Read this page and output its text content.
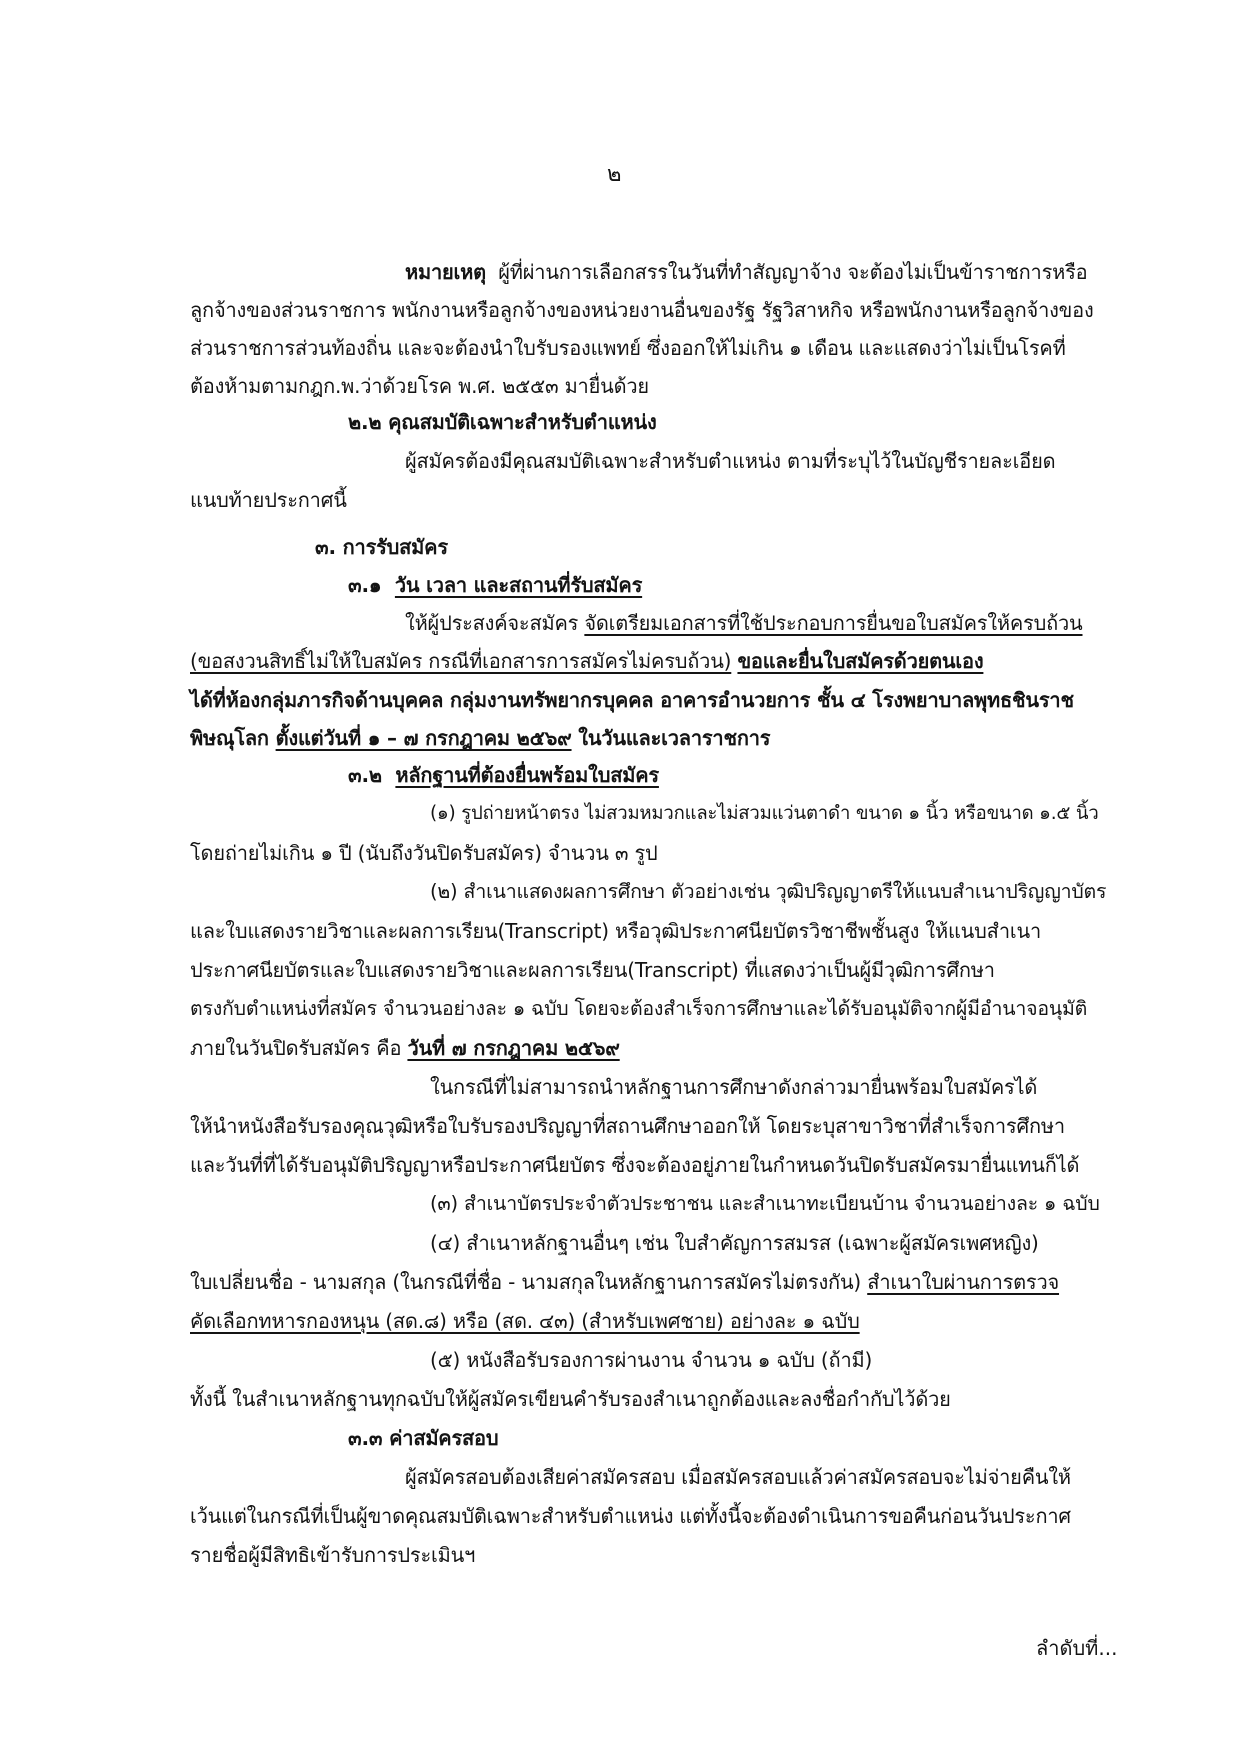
๒
หมายเหตุ ผู้ที่ผ่านการเลือกสรรในวันที่ทำสัญญาจ้าง จะต้องไม่เป็นข้าราชการหรือ
ลูกจ้างของส่วนราชการ พนักงานหรือลูกจ้างของหน่วยงานอื่นของรัฐ รัฐวิสาหกิจ หรือพนักงานหรือลูกจ้างของ
ส่วนราชการส่วนท้องถิ่น และจะต้องนำใบรับรองแพทย์ ซึ่งออกให้ไม่เกิน ๑ เดือน และแสดงว่าไม่เป็นโรคที่
ต้องห้ามตามกฎก.พ.ว่าด้วยโรค พ.ศ. ๒๕๕๓ มายื่นด้วย
๒.๒ คุณสมบัติเฉพาะสำหรับตำแหน่ง
ผู้สมัครต้องมีคุณสมบัติเฉพาะสำหรับตำแหน่ง ตามที่ระบุไว้ในบัญชีรายละเอียด
แนบท้ายประกาศนี้
๓. การรับสมัคร
๓.๑ วัน เวลา และสถานที่รับสมัคร
ให้ผู้ประสงค์จะสมัคร จัดเตรียมเอกสารที่ใช้ประกอบการยื่นขอใบสมัครให้ครบถ้วน
(ขอสงวนสิทธิ์ไม่ให้ใบสมัคร กรณีที่เอกสารการสมัครไม่ครบถ้วน) ขอและยื่นใบสมัครด้วยตนเอง
ได้ที่ห้องกลุ่มภารกิจด้านบุคคล กลุ่มงานทรัพยากรบุคคล อาคารอำนวยการ ชั้น ๔ โรงพยาบาลพุทธชินราช
พิษณุโลก ตั้งแต่วันที่ ๑ – ๗ กรกฎาคม ๒๕๖๙ ในวันและเวลาราชการ
๓.๒ หลักฐานที่ต้องยื่นพร้อมใบสมัคร
(๑) รูปถ่ายหน้าตรง ไม่สวมหมวกและไม่สวมแว่นตาดำ ขนาด ๑ นิ้ว หรือขนาด ๑.๕ นิ้ว
โดยถ่ายไม่เกิน ๑ ปี (นับถึงวันปิดรับสมัคร) จำนวน ๓ รูป
(๒) สำเนาแสดงผลการศึกษา ตัวอย่างเช่น วุฒิปริญญาตรีให้แนบสำเนาปริญญาบัตร
และใบแสดงรายวิชาและผลการเรียน(Transcript) หรือวุฒิประกาศนียบัตรวิชาชีพชั้นสูง ให้แนบสำเนา
ประกาศนียบัตรและใบแสดงรายวิชาและผลการเรียน(Transcript) ที่แสดงว่าเป็นผู้มีวุฒิการศึกษา
ตรงกับตำแหน่งที่สมัคร จำนวนอย่างละ ๑ ฉบับ โดยจะต้องสำเร็จการศึกษาและได้รับอนุมัติจากผู้มีอำนาจอนุมัติ
ภายในวันปิดรับสมัคร คือ วันที่ ๗ กรกฎาคม ๒๕๖๙
ในกรณีที่ไม่สามารถนำหลักฐานการศึกษาดังกล่าวมายื่นพร้อมใบสมัครได้
ให้นำหนังสือรับรองคุณวุฒิหรือใบรับรองปริญญาที่สถานศึกษาออกให้ โดยระบุสาขาวิชาที่สำเร็จการศึกษา
และวันที่ที่ได้รับอนุมัติปริญญาหรือประกาศนียบัตร ซึ่งจะต้องอยู่ภายในกำหนดวันปิดรับสมัครมายื่นแทนก็ได้
(๓) สำเนาบัตรประจำตัวประชาชน และสำเนาทะเบียนบ้าน จำนวนอย่างละ ๑ ฉบับ
(๔) สำเนาหลักฐานอื่นๆ เช่น ใบสำคัญการสมรส (เฉพาะผู้สมัครเพศหญิง)
ใบเปลี่ยนชื่อ - นามสกุล (ในกรณีที่ชื่อ - นามสกุลในหลักฐานการสมัครไม่ตรงกัน) สำเนาใบผ่านการตรวจ
คัดเลือกทหารกองหนุน (สด.๘) หรือ (สด. ๔๓) (สำหรับเพศชาย) อย่างละ ๑ ฉบับ
(๕) หนังสือรับรองการผ่านงาน จำนวน ๑ ฉบับ (ถ้ามี)
ทั้งนี้ ในสำเนาหลักฐานทุกฉบับให้ผู้สมัครเขียนคำรับรองสำเนาถูกต้องและลงชื่อกำกับไว้ด้วย
๓.๓ ค่าสมัครสอบ
ผู้สมัครสอบต้องเสียค่าสมัครสอบ เมื่อสมัครสอบแล้วค่าสมัครสอบจะไม่จ่ายคืนให้
เว้นแต่ในกรณีที่เป็นผู้ขาดคุณสมบัติเฉพาะสำหรับตำแหน่ง แต่ทั้งนี้จะต้องดำเนินการขอคืนก่อนวันประกาศ
รายชื่อผู้มีสิทธิเข้ารับการประเมินฯ
ลำดับที่...
